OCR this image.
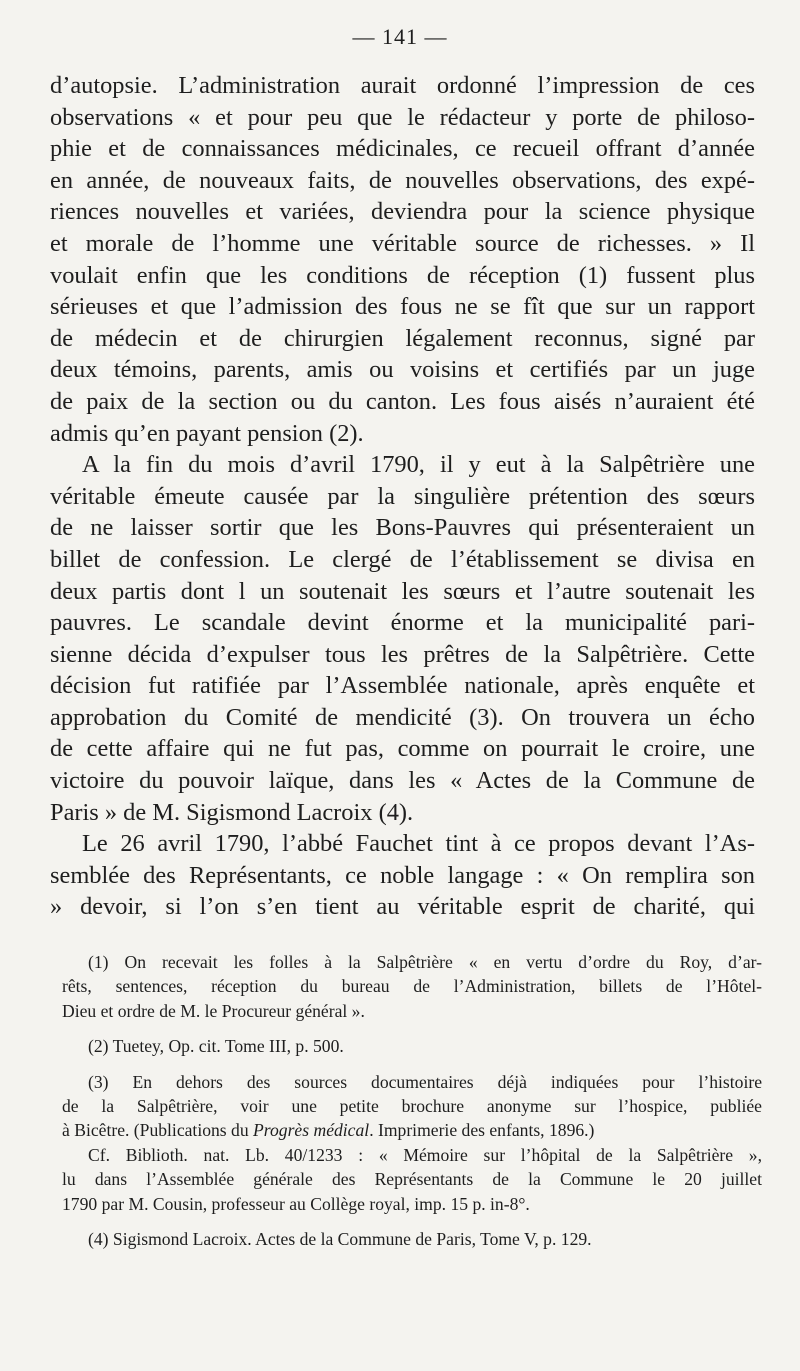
— 141 —
d’autopsie. L’administration aurait ordonné l’impression de ces
observations « et pour peu que le rédacteur y porte de philoso-
phie et de connaissances médicinales, ce recueil offrant d’année
en année, de nouveaux faits, de nouvelles observations, des expé-
riences nouvelles et variées, deviendra pour la science physique
et morale de l’homme une véritable source de richesses. » Il
voulait enfin que les conditions de réception (1) fussent plus
sérieuses et que l’admission des fous ne se fît que sur un rapport
de médecin et de chirurgien légalement reconnus, signé par
deux témoins, parents, amis ou voisins et certifiés par un juge
de paix de la section ou du canton. Les fous aisés n’auraient été
admis qu’en payant pension (2).
A la fin du mois d’avril 1790, il y eut à la Salpêtrière une
véritable émeute causée par la singulière prétention des sœurs
de ne laisser sortir que les Bons-Pauvres qui présenteraient un
billet de confession. Le clergé de l’établissement se divisa en
deux partis dont l un soutenait les sœurs et l’autre soutenait les
pauvres. Le scandale devint énorme et la municipalité pari-
sienne décida d’expulser tous les prêtres de la Salpêtrière. Cette
décision fut ratifiée par l’Assemblée nationale, après enquête et
approbation du Comité de mendicité (3). On trouvera un écho
de cette affaire qui ne fut pas, comme on pourrait le croire, une
victoire du pouvoir laïque, dans les « Actes de la Commune de
Paris » de M. Sigismond Lacroix (4).
Le 26 avril 1790, l’abbé Fauchet tint à ce propos devant l’As-
semblée des Représentants, ce noble langage : « On remplira son
» devoir, si l’on s’en tient au véritable esprit de charité, qui
(1) On recevait les folles à la Salpêtrière « en vertu d’ordre du Roy, d’ar-
rêts, sentences, réception du bureau de l’Administration, billets de l’Hôtel-
Dieu et ordre de M. le Procureur général ».
(2) Tuetey, Op. cit. Tome III, p. 500.
(3) En dehors des sources documentaires déjà indiquées pour l’histoire
de la Salpêtrière, voir une petite brochure anonyme sur l’hospice, publiée
à Bicêtre. (Publications du Progrès médical. Imprimerie des enfants, 1896.)
Cf. Biblioth. nat. Lb. 40/1233 : « Mémoire sur l’hôpital de la Salpêtrière »,
lu dans l’Assemblée générale des Représentants de la Commune le 20 juillet
1790 par M. Cousin, professeur au Collège royal, imp. 15 p. in-8°.
(4) Sigismond Lacroix. Actes de la Commune de Paris, Tome V, p. 129.
